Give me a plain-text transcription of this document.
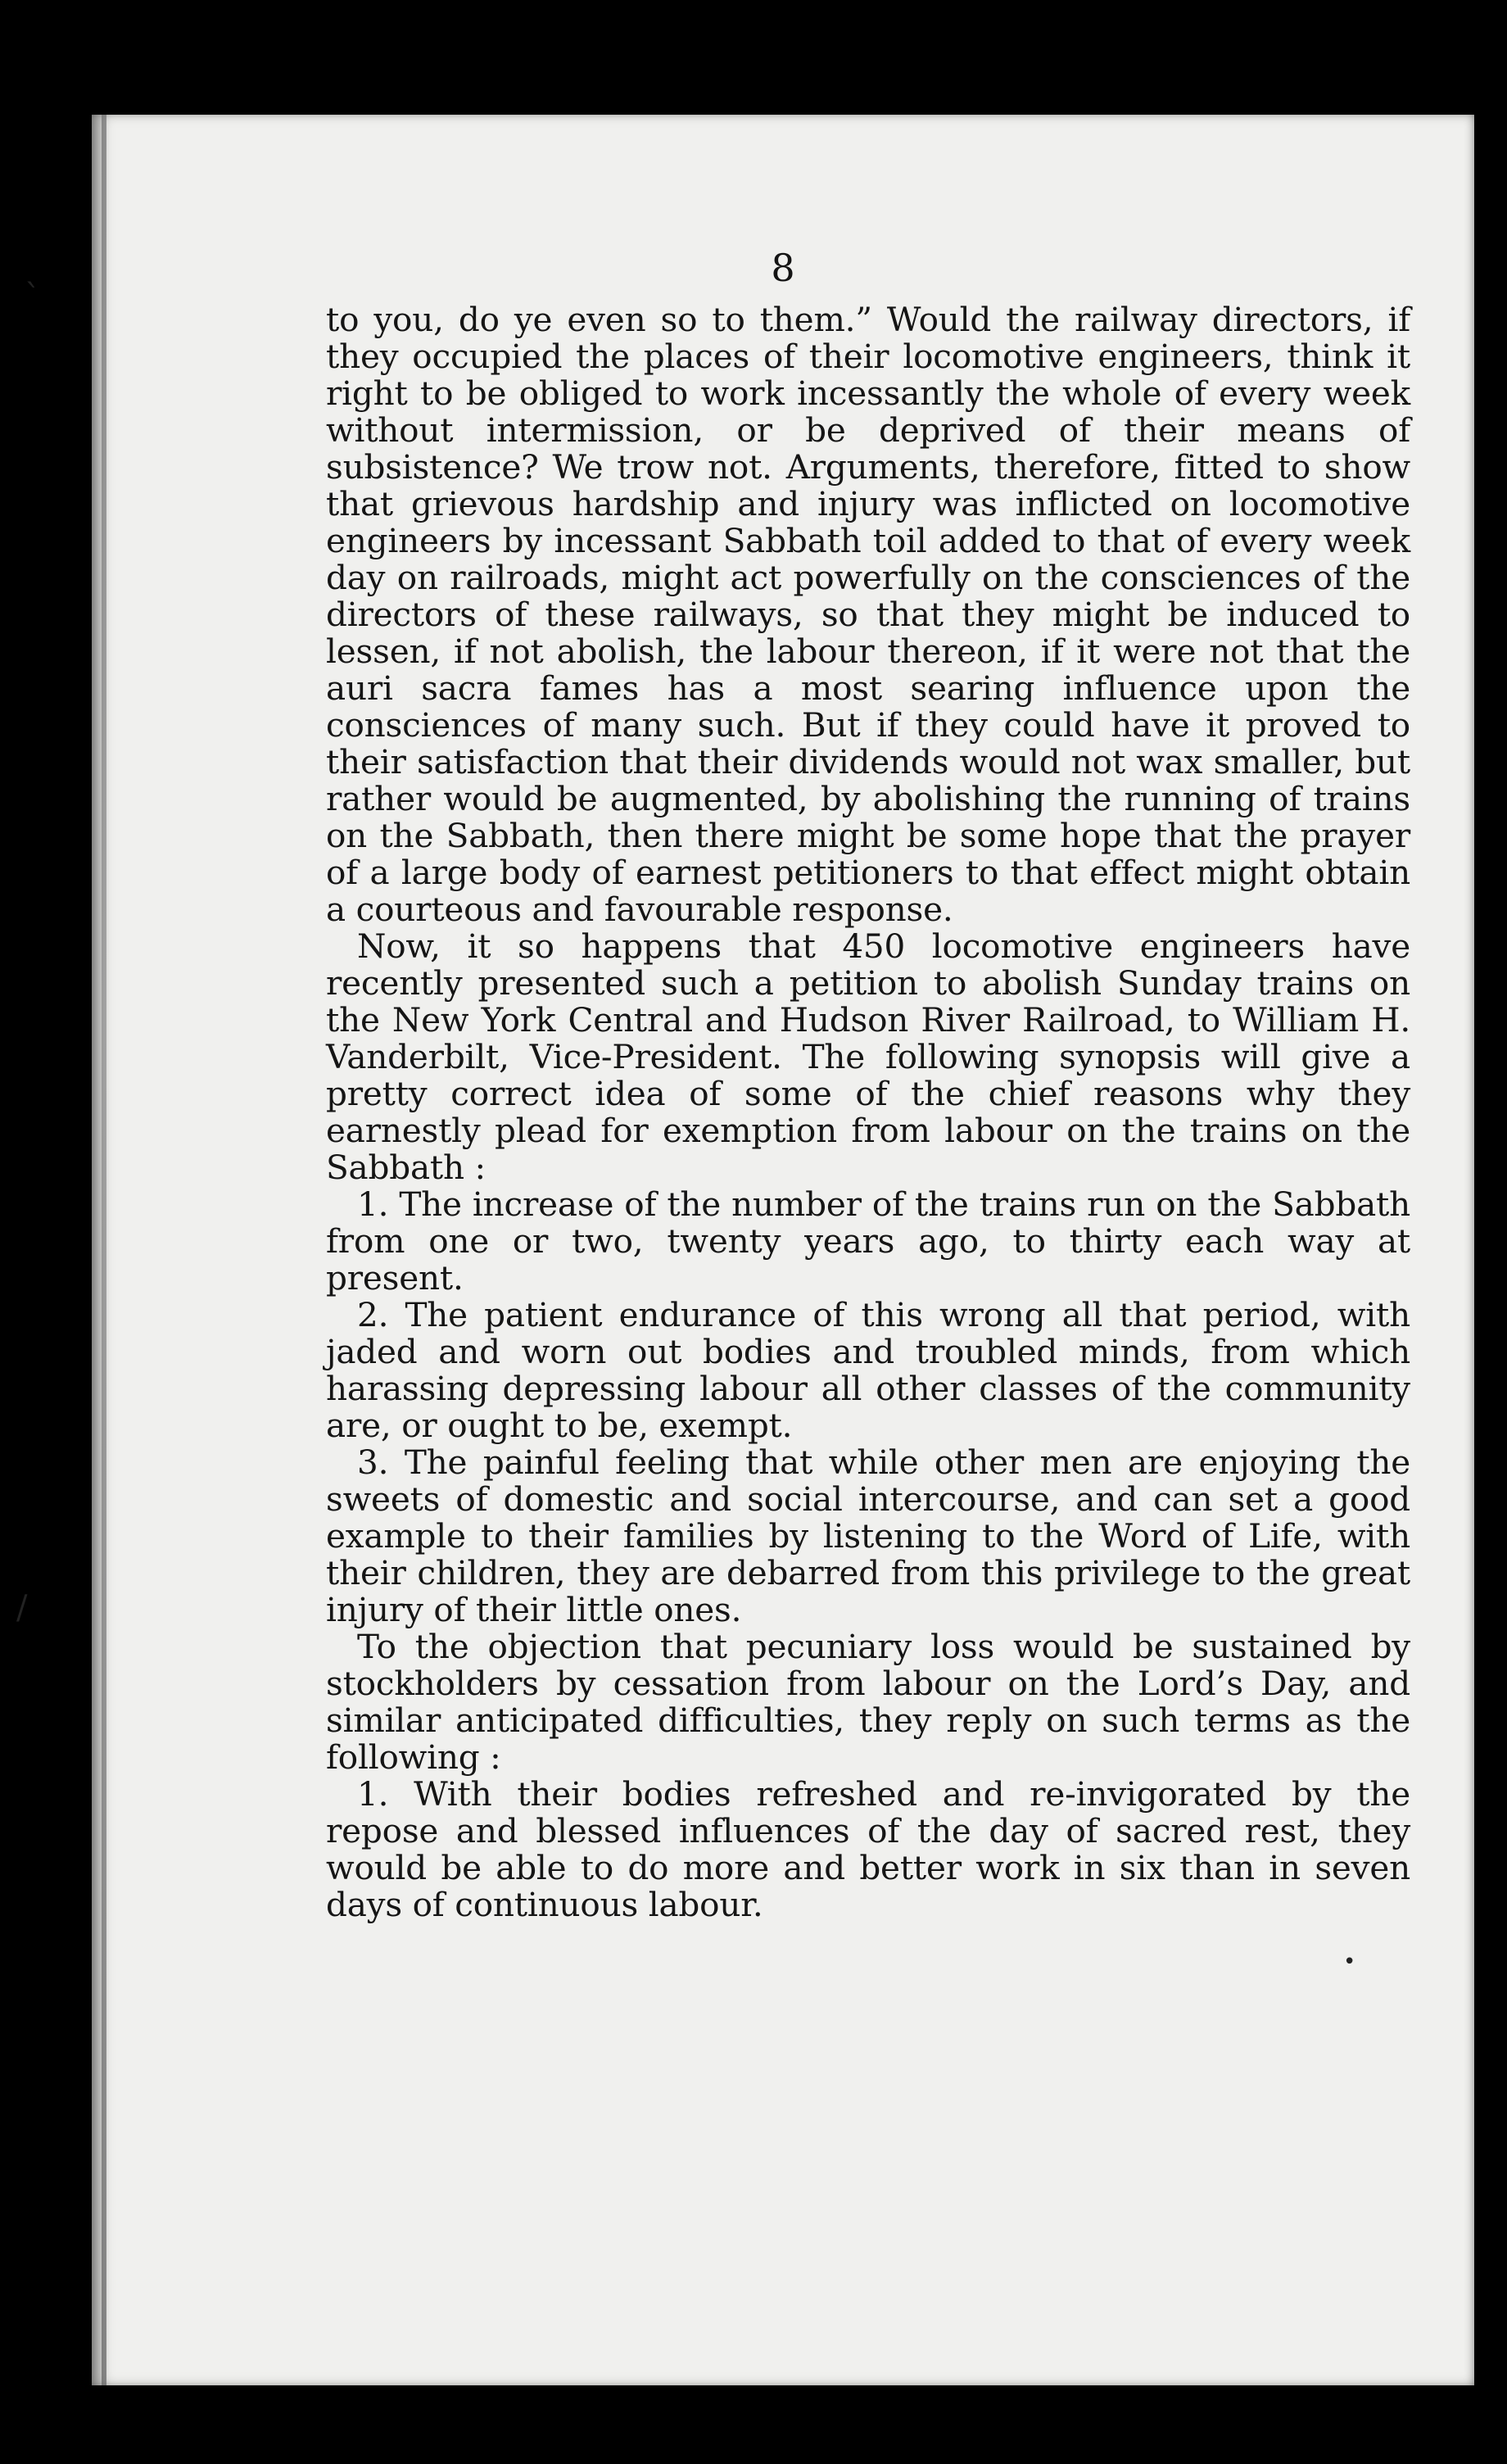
8

to you, do ye even so to them.” Would the railway directors, if they occupied the places of their locomotive engineers, think it right to be obliged to work incessantly the whole of every week without intermission, or be deprived of their means of subsistence? We trow not. Arguments, therefore, fitted to show that grievous hardship and injury was inflicted on locomotive engineers by incessant Sabbath toil added to that of every week day on railroads, might act powerfully on the consciences of the directors of these railways, so that they might be induced to lessen, if not abolish, the labour thereon, if it were not that the auri sacra fames has a most searing influence upon the consciences of many such. But if they could have it proved to their satisfaction that their dividends would not wax smaller, but rather would be augmented, by abolishing the running of trains on the Sabbath, then there might be some hope that the prayer of a large body of earnest petitioners to that effect might obtain a courteous and favourable response.

Now, it so happens that 450 locomotive engineers have recently presented such a petition to abolish Sunday trains on the New York Central and Hudson River Railroad, to William H. Vanderbilt, Vice-President. The following synopsis will give a pretty correct idea of some of the chief reasons why they earnestly plead for exemption from labour on the trains on the Sabbath :

1. The increase of the number of the trains run on the Sabbath from one or two, twenty years ago, to thirty each way at present.

2. The patient endurance of this wrong all that period, with jaded and worn out bodies and troubled minds, from which harassing depressing labour all other classes of the community are, or ought to be, exempt.

3. The painful feeling that while other men are enjoying the sweets of domestic and social intercourse, and can set a good example to their families by listening to the Word of Life, with their children, they are debarred from this privilege to the great injury of their little ones.

To the objection that pecuniary loss would be sustained by stockholders by cessation from labour on the Lord’s Day, and similar anticipated difficulties, they reply on such terms as the following :

1. With their bodies refreshed and re-invigorated by the repose and blessed influences of the day of sacred rest, they would be able to do more and better work in six than in seven days of continuous labour.

`
/
•
